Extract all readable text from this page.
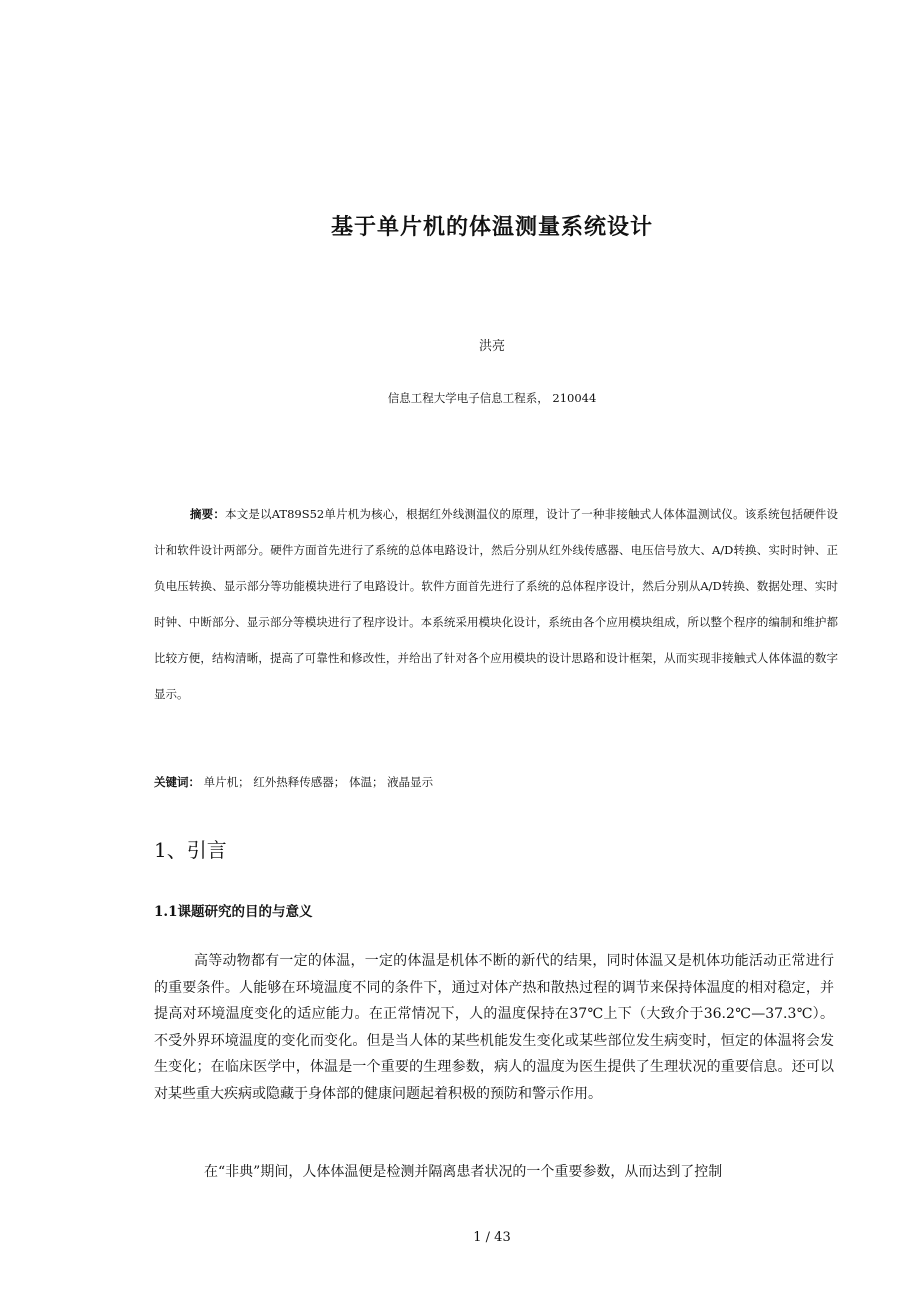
基于单片机的体温测量系统设计

洪亮

信息工程大学电子信息工程系， 210044

摘要：本文是以AT89S52单片机为核心，根据红外线测温仪的原理，设计了一种非接触式人体体温测试仪。该系统包括硬件设计和软件设计两部分。硬件方面首先进行了系统的总体电路设计，然后分别从红外线传感器、电压信号放大、A/D转换、实时时钟、正负电压转换、显示部分等功能模块进行了电路设计。软件方面首先进行了系统的总体程序设计，然后分别从A/D转换、数据处理、实时时钟、中断部分、显示部分等模块进行了程序设计。本系统采用模块化设计，系统由各个应用模块组成，所以整个程序的编制和维护都比较方便，结构清晰，提高了可靠性和修改性，并给出了针对各个应用模块的设计思路和设计框架，从而实现非接触式人体体温的数字显示。

关键词： 单片机； 红外热释传感器； 体温； 液晶显示

1、引言
1.1课题研究的目的与意义

高等动物都有一定的体温，一定的体温是机体不断的新代的结果，同时体温又是机体功能活动正常进行的重要条件。人能够在环境温度不同的条件下，通过对体产热和散热过程的调节来保持体温度的相对稳定，并提高对环境温度变化的适应能力。在正常情况下，人的温度保持在37℃上下（大致介于36.2℃—37.3℃）。不受外界环境温度的变化而变化。但是当人体的某些机能发生变化或某些部位发生病变时，恒定的体温将会发生变化；在临床医学中，体温是一个重要的生理参数，病人的温度为医生提供了生理状况的重要信息。还可以对某些重大疾病或隐藏于身体部的健康问题起着积极的预防和警示作用。

在“非典”期间，人体体温便是检测并隔离患者状况的一个重要参数，从而达到了控制

1 / 43
